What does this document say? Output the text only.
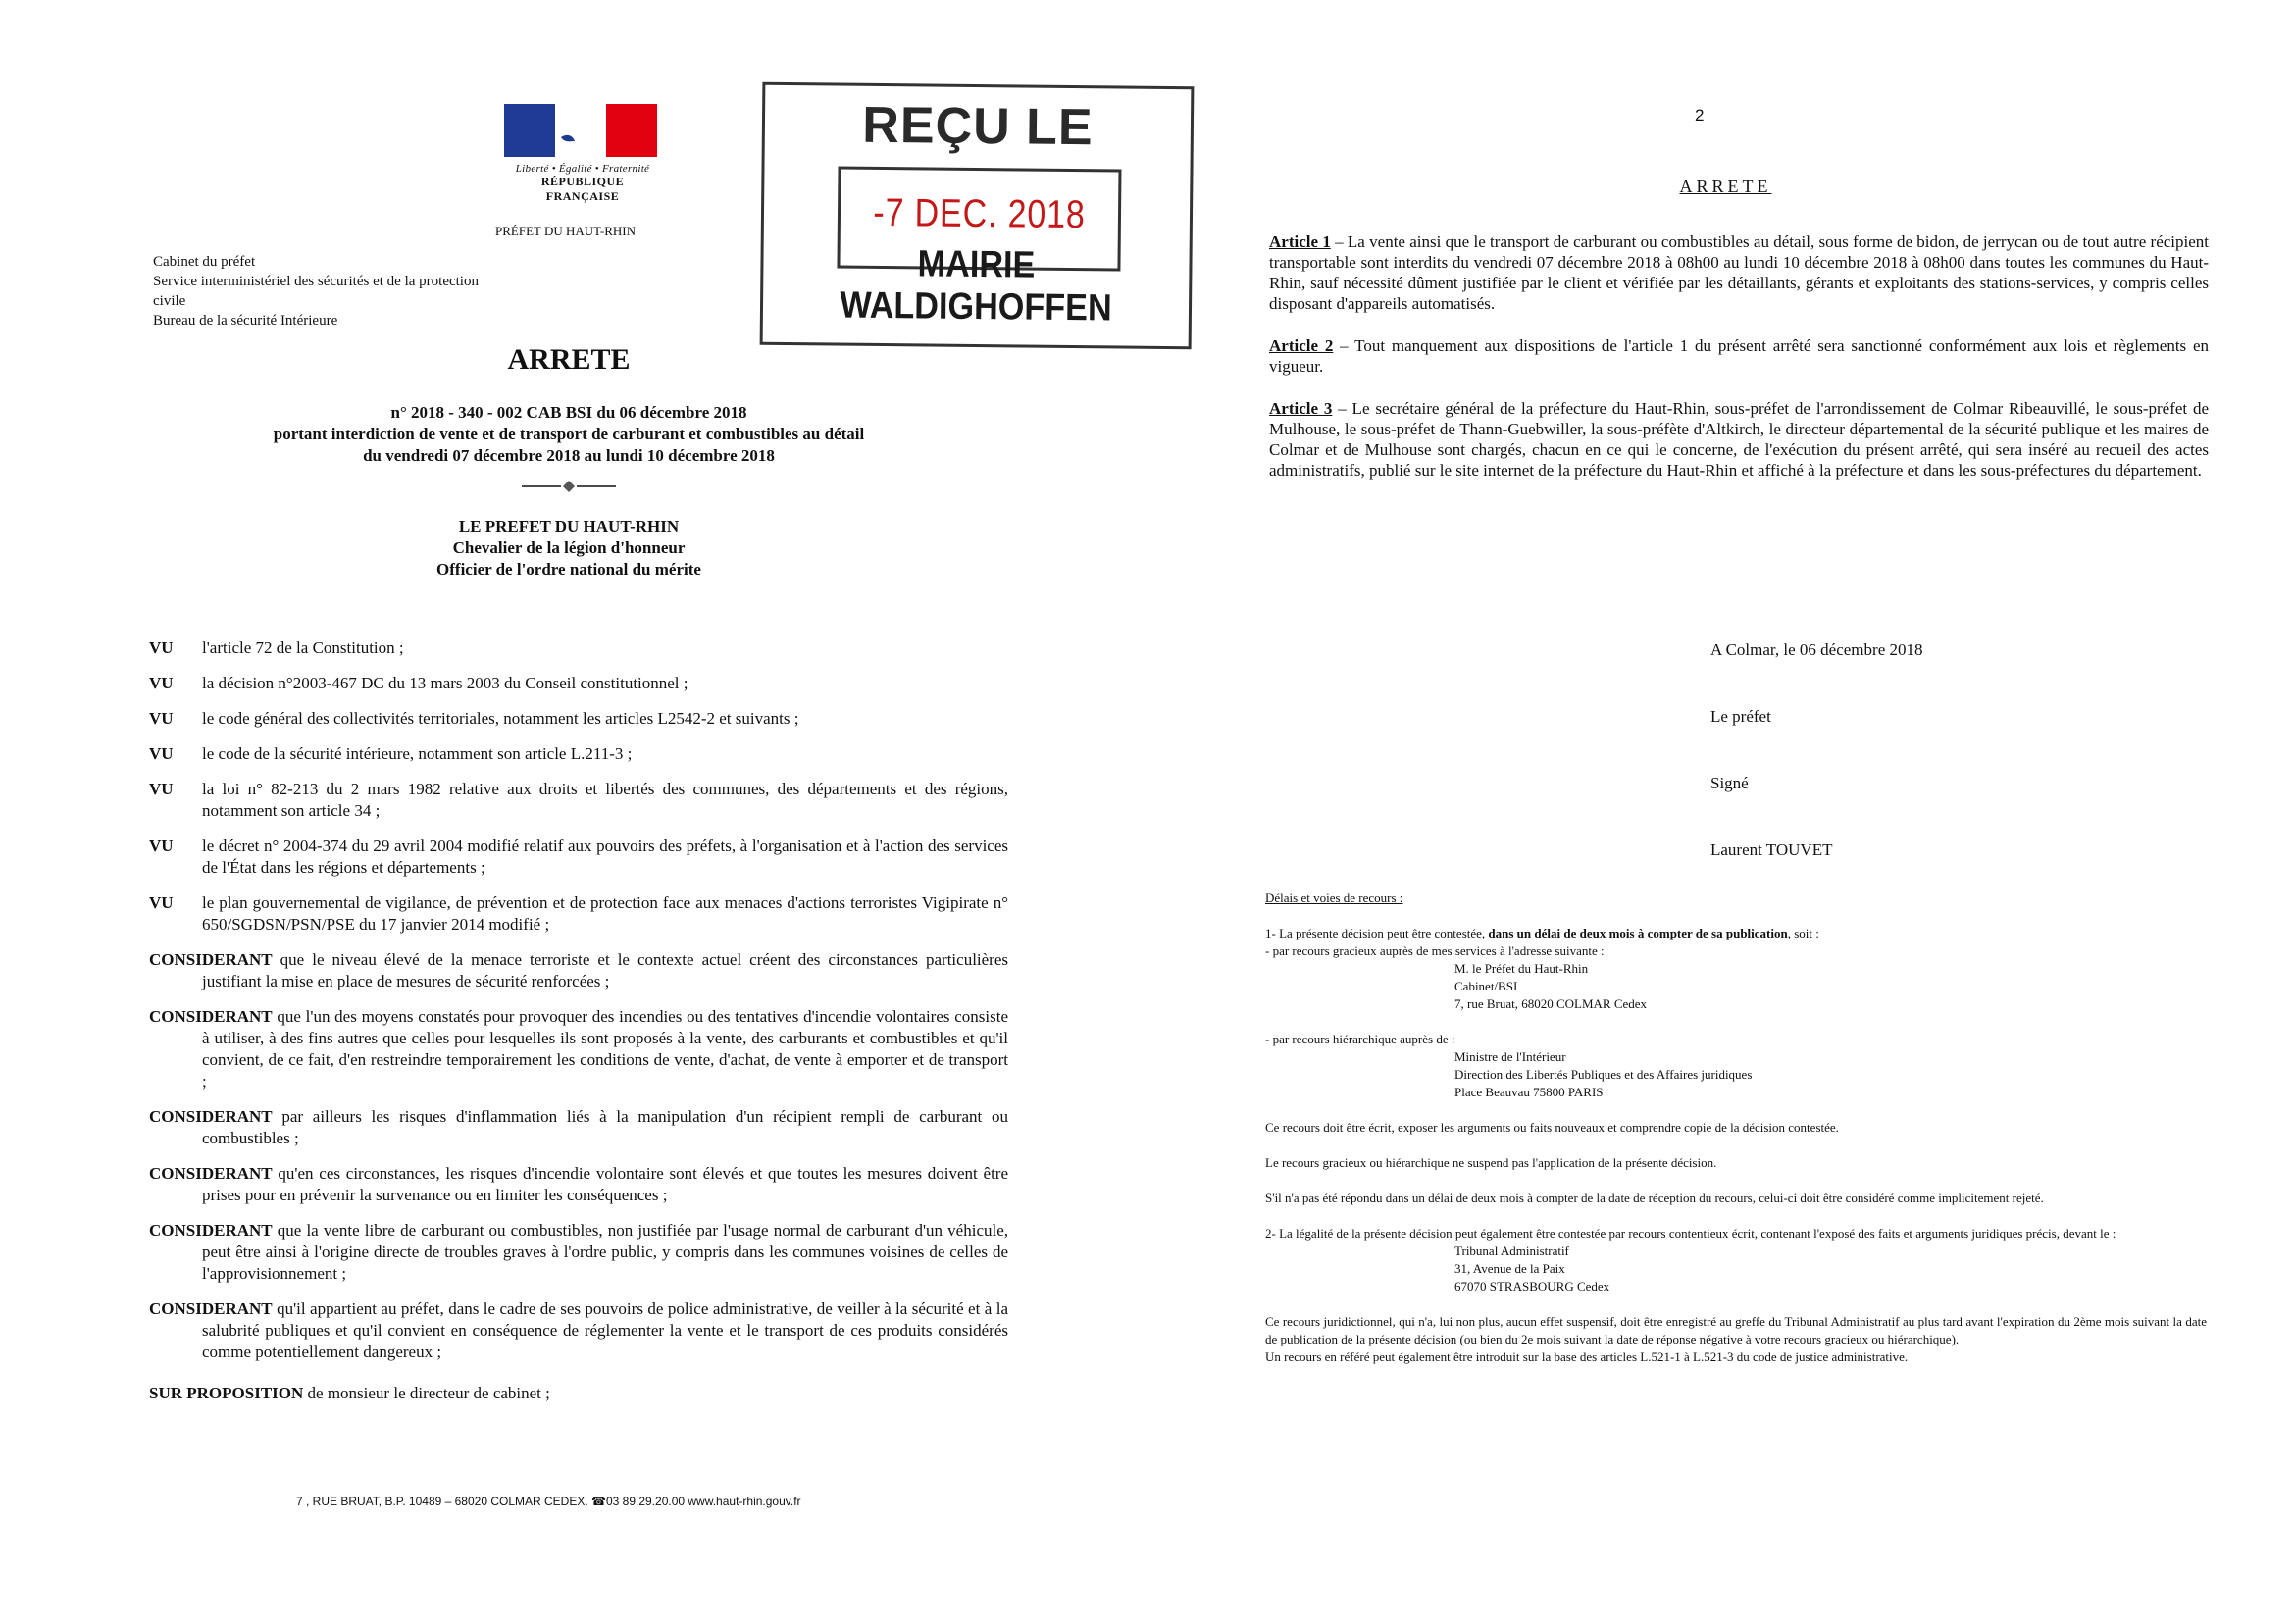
Liberté • Égalité • Fraternité
RÉPUBLIQUE FRANÇAISE
PRÉFET DU HAUT-RHIN
Cabinet du préfet
Service interministériel des sécurités et de la protection civile
Bureau de la sécurité Intérieure
REÇU LE
-7 DEC. 2018
MAIRIE WALDIGHOFFEN
ARRETE
n° 2018 - 340 - 002 CAB BSI du 06 décembre 2018
portant interdiction de vente et de transport de carburant et combustibles au détail
du vendredi 07 décembre 2018 au lundi 10 décembre 2018
LE PREFET DU HAUT-RHIN
Chevalier de la légion d'honneur
Officier de l'ordre national du mérite
VU	l'article 72 de la Constitution ;
VU	la décision n°2003-467 DC du 13 mars 2003 du Conseil constitutionnel ;
VU	le code général des collectivités territoriales, notamment les articles L2542-2 et suivants ;
VU	le code de la sécurité intérieure, notamment son article L.211-3 ;
VU	la loi n° 82-213 du 2 mars 1982 relative aux droits et libertés des communes, des départements et des régions, notamment son article 34 ;
VU	le décret n° 2004-374 du 29 avril 2004 modifié relatif aux pouvoirs des préfets, à l'organisation et à l'action des services de l'État dans les régions et départements ;
VU	le plan gouvernemental de vigilance, de prévention et de protection face aux menaces d'actions terroristes Vigipirate n° 650/SGDSN/PSN/PSE du 17 janvier 2014 modifié ;
CONSIDERANT que le niveau élevé de la menace terroriste et le contexte actuel créent des circonstances particulières justifiant la mise en place de mesures de sécurité renforcées ;
CONSIDERANT que l'un des moyens constatés pour provoquer des incendies ou des tentatives d'incendie volontaires consiste à utiliser, à des fins autres que celles pour lesquelles ils sont proposés à la vente, des carburants et combustibles et qu'il convient, de ce fait, d'en restreindre temporairement les conditions de vente, d'achat, de vente à emporter et de transport ;
CONSIDERANT par ailleurs les risques d'inflammation liés à la manipulation d'un récipient rempli de carburant ou combustibles ;
CONSIDERANT qu'en ces circonstances, les risques d'incendie volontaire sont élevés et que toutes les mesures doivent être prises pour en prévenir la survenance ou en limiter les conséquences ;
CONSIDERANT que la vente libre de carburant ou combustibles, non justifiée par l'usage normal de carburant d'un véhicule, peut être ainsi à l'origine directe de troubles graves à l'ordre public, y compris dans les communes voisines de celles de l'approvisionnement ;
CONSIDERANT qu'il appartient au préfet, dans le cadre de ses pouvoirs de police administrative, de veiller à la sécurité et à la salubrité publiques et qu'il convient en conséquence de réglementer la vente et le transport de ces produits considérés comme potentiellement dangereux ;
SUR PROPOSITION de monsieur le directeur de cabinet ;
7 , RUE BRUAT, B.P. 10489 – 68020 COLMAR CEDEX. ☎03 89.29.20.00 www.haut-rhin.gouv.fr
2
ARRETE
Article 1 – La vente ainsi que le transport de carburant ou combustibles au détail, sous forme de bidon, de jerrycan ou de tout autre récipient transportable sont interdits du vendredi 07 décembre 2018 à 08h00 au lundi 10 décembre 2018 à 08h00 dans toutes les communes du Haut-Rhin, sauf nécessité dûment justifiée par le client et vérifiée par les détaillants, gérants et exploitants des stations-services, y compris celles disposant d'appareils automatisés.
Article 2 – Tout manquement aux dispositions de l'article 1 du présent arrêté sera sanctionné conformément aux lois et règlements en vigueur.
Article 3 – Le secrétaire général de la préfecture du Haut-Rhin, sous-préfet de l'arrondissement de Colmar Ribeauvillé, le sous-préfet de Mulhouse, le sous-préfet de Thann-Guebwiller, la sous-préfète d'Altkirch, le directeur départemental de la sécurité publique et les maires de Colmar et de Mulhouse sont chargés, chacun en ce qui le concerne, de l'exécution du présent arrêté, qui sera inséré au recueil des actes administratifs, publié sur le site internet de la préfecture du Haut-Rhin et affiché à la préfecture et dans les sous-préfectures du département.
A Colmar, le 06 décembre 2018
Le préfet
Signé
Laurent TOUVET

Délais et voies de recours :

1- La présente décision peut être contestée, dans un délai de deux mois à compter de sa publication, soit :
- par recours gracieux auprès de mes services à l'adresse suivante :

M. le Préfet du Haut-Rhin
Cabinet/BSI
7, rue Bruat, 68020 COLMAR Cedex

- par recours hiérarchique auprès de :

Ministre de l'Intérieur
Direction des Libertés Publiques et des Affaires juridiques
Place Beauvau 75800 PARIS

Ce recours doit être écrit, exposer les arguments ou faits nouveaux et comprendre copie de la décision contestée.

Le recours gracieux ou hiérarchique ne suspend pas l'application de la présente décision.

S'il n'a pas été répondu dans un délai de deux mois à compter de la date de réception du recours, celui-ci doit être considéré comme implicitement rejeté.

2- La légalité de la présente décision peut également être contestée par recours contentieux écrit, contenant l'exposé des faits et arguments juridiques précis, devant le :

Tribunal Administratif
31, Avenue de la Paix
67070 STRASBOURG Cedex

Ce recours juridictionnel, qui n'a, lui non plus, aucun effet suspensif, doit être enregistré au greffe du Tribunal Administratif au plus tard avant l'expiration du 2ème mois suivant la date de publication de la présente décision (ou bien du 2e mois suivant la date de réponse négative à votre recours gracieux ou hiérarchique).

Un recours en référé peut également être introduit sur la base des articles L.521-1 à L.521-3 du code de justice administrative.
